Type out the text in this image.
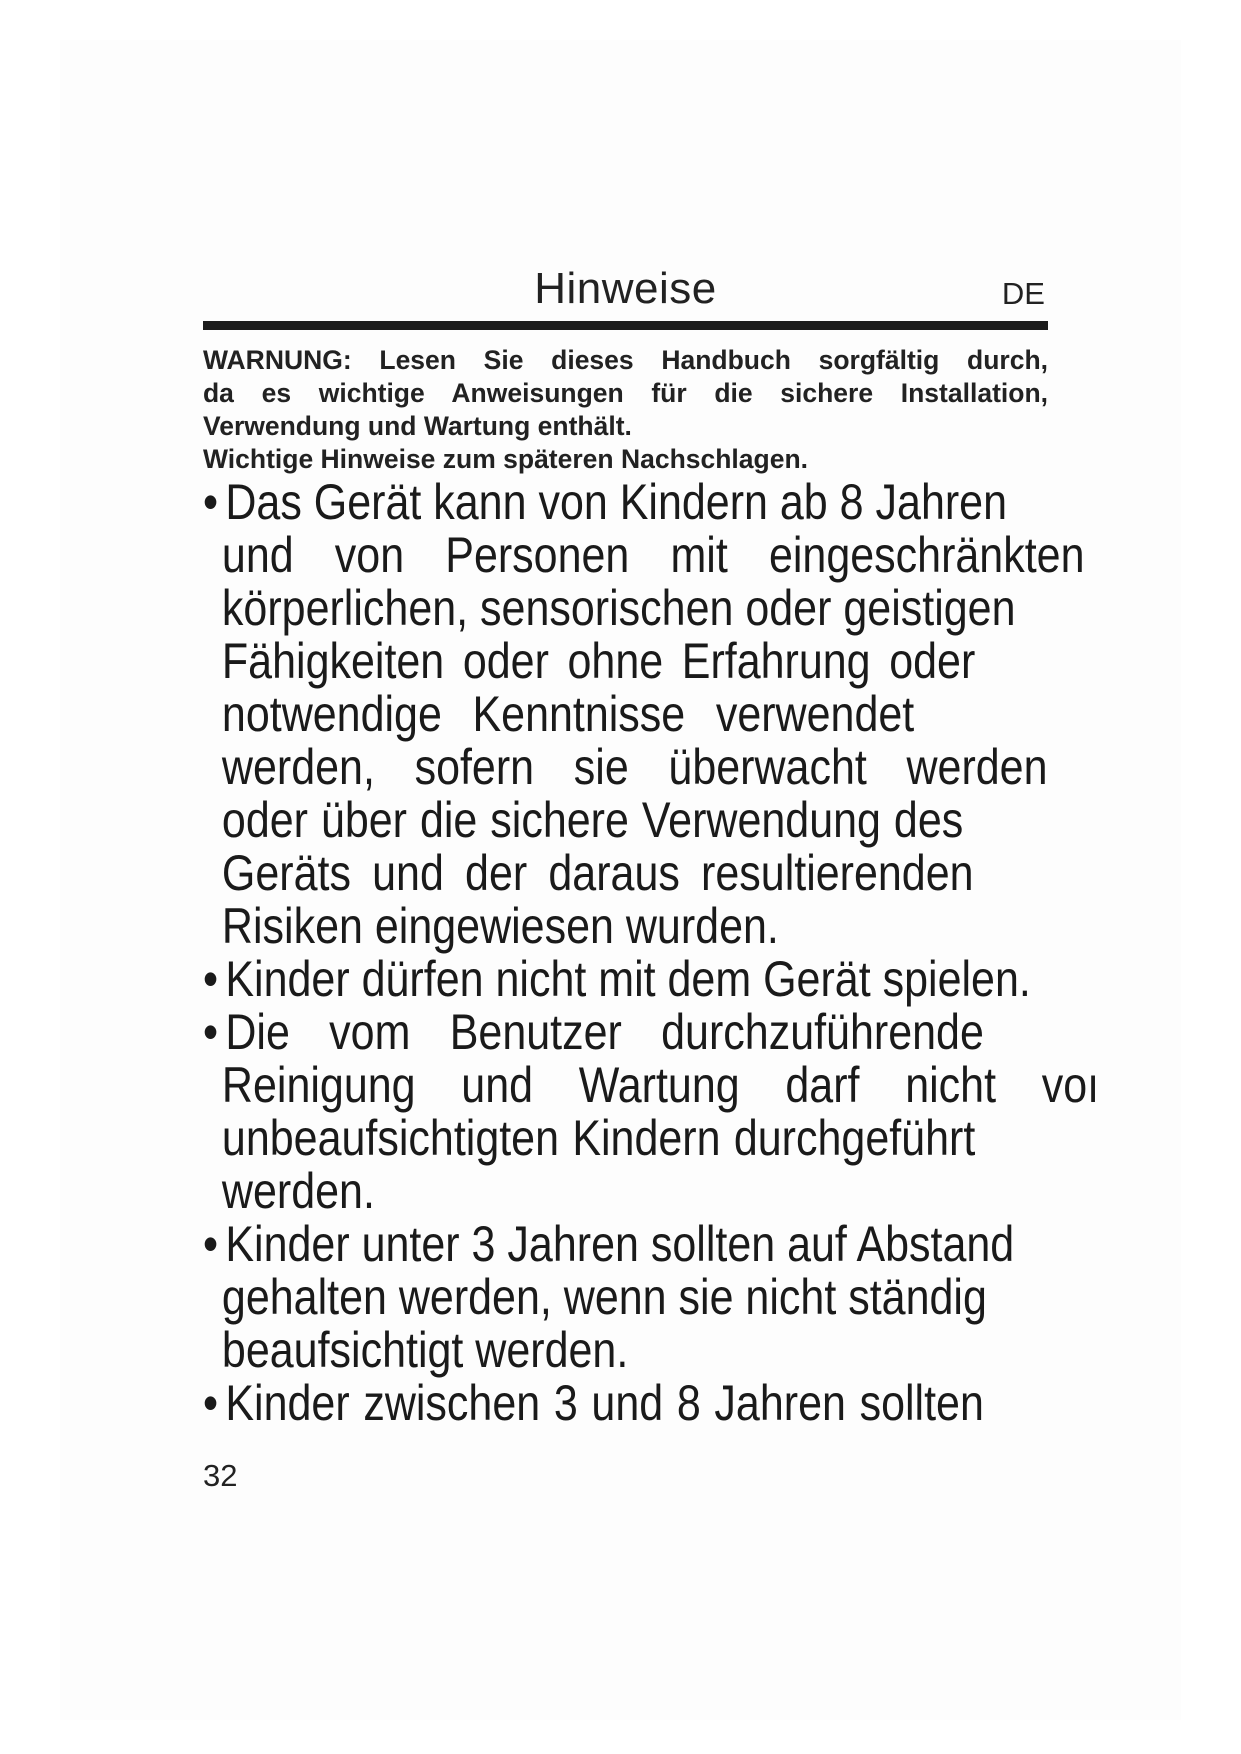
Hinweise	DE
WARNUNG: Lesen Sie dieses Handbuch sorgfältig durch,
da es wichtige Anweisungen für die sichere Installation,
Verwendung und Wartung enthält.
Wichtige Hinweise zum späteren Nachschlagen.
• Das Gerät kann von Kindern ab 8 Jahren
und von Personen mit eingeschränkten
körperlichen, sensorischen oder geistigen
Fähigkeiten oder ohne Erfahrung oder
notwendige Kenntnisse verwendet
werden, sofern sie überwacht werden
oder über die sichere Verwendung des
Geräts und der daraus resultierenden
Risiken eingewiesen wurden.
• Kinder dürfen nicht mit dem Gerät spielen.
• Die vom Benutzer durchzuführende
Reinigung und Wartung darf nicht voı
unbeaufsichtigten Kindern durchgeführt
werden.
• Kinder unter 3 Jahren sollten auf Abstand
gehalten werden, wenn sie nicht ständig
beaufsichtigt werden.
• Kinder zwischen 3 und 8 Jahren sollten
32
